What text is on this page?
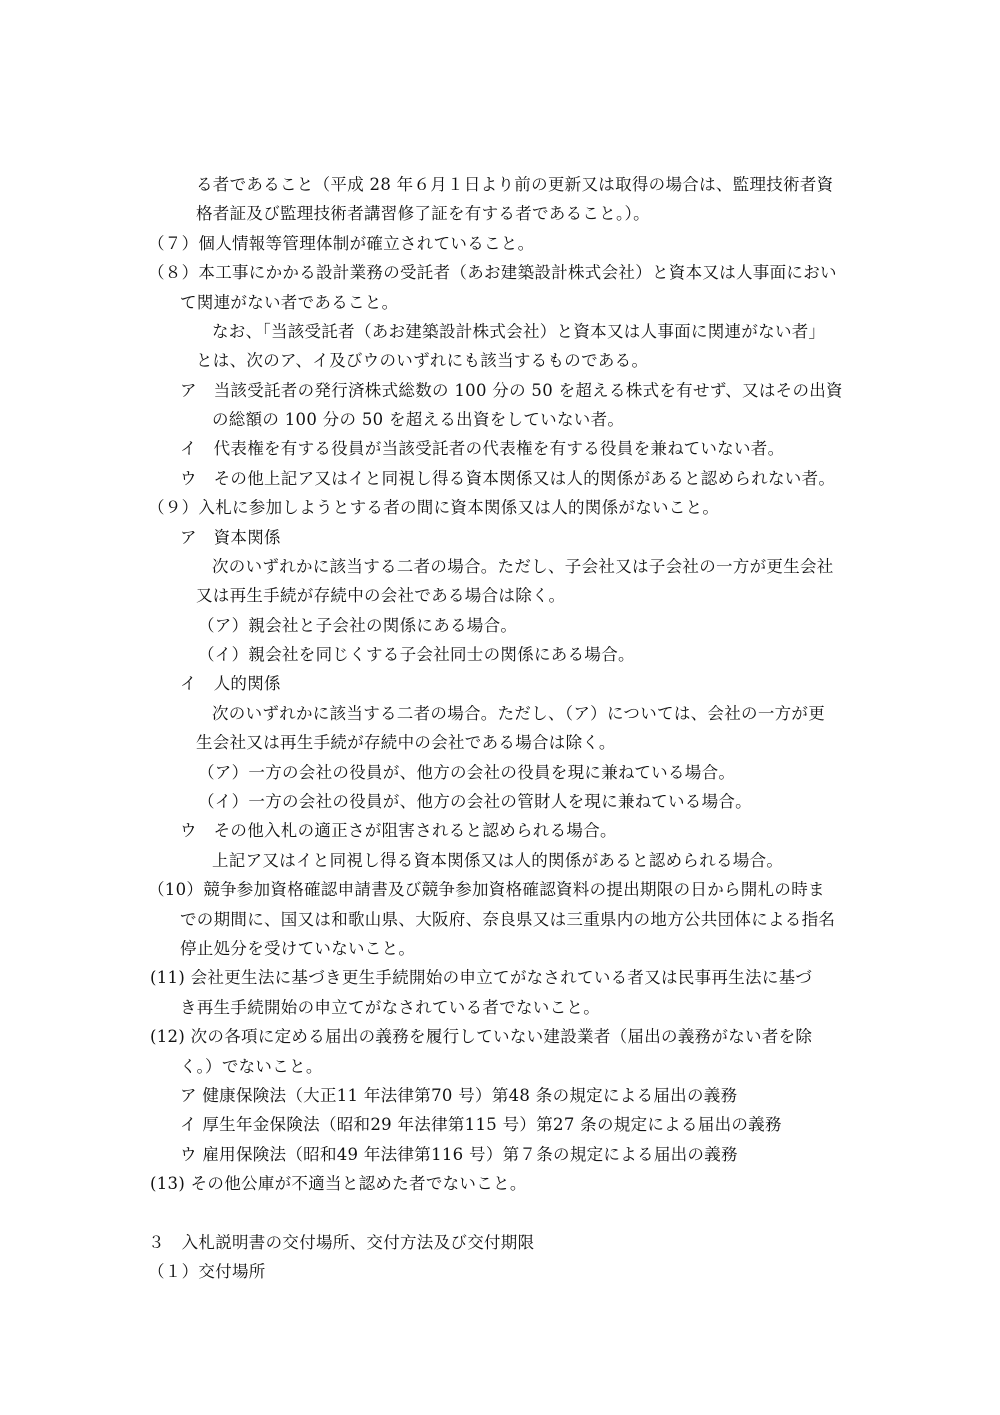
る者であること（平成 28 年６月１日より前の更新又は取得の場合は、監理技術者資
格者証及び監理技術者講習修了証を有する者であること。）。
（７）個人情報等管理体制が確立されていること。
（８）本工事にかかる設計業務の受託者（あお建築設計株式会社）と資本又は人事面におい
て関連がない者であること。
なお、「当該受託者（あお建築設計株式会社）と資本又は人事面に関連がない者」
とは、次のア、イ及びウのいずれにも該当するものである。
ア　当該受託者の発行済株式総数の 100 分の 50 を超える株式を有せず、又はその出資
の総額の 100 分の 50 を超える出資をしていない者。
イ　代表権を有する役員が当該受託者の代表権を有する役員を兼ねていない者。
ウ　その他上記ア又はイと同視し得る資本関係又は人的関係があると認められない者。
（９）入札に参加しようとする者の間に資本関係又は人的関係がないこと。
ア　資本関係
次のいずれかに該当する二者の場合。ただし、子会社又は子会社の一方が更生会社
又は再生手続が存続中の会社である場合は除く。
（ア）親会社と子会社の関係にある場合。
（イ）親会社を同じくする子会社同士の関係にある場合。
イ　人的関係
次のいずれかに該当する二者の場合。ただし、（ア）については、会社の一方が更
生会社又は再生手続が存続中の会社である場合は除く。
（ア）一方の会社の役員が、他方の会社の役員を現に兼ねている場合。
（イ）一方の会社の役員が、他方の会社の管財人を現に兼ねている場合。
ウ　その他入札の適正さが阻害されると認められる場合。
上記ア又はイと同視し得る資本関係又は人的関係があると認められる場合。
（10）競争参加資格確認申請書及び競争参加資格確認資料の提出期限の日から開札の時ま
での期間に、国又は和歌山県、大阪府、奈良県又は三重県内の地方公共団体による指名
停止処分を受けていないこと。
(11) 会社更生法に基づき更生手続開始の申立てがなされている者又は民事再生法に基づ
き再生手続開始の申立てがなされている者でないこと。
(12) 次の各項に定める届出の義務を履行していない建設業者（届出の義務がない者を除
く。）でないこと。
ア 健康保険法（大正11 年法律第70 号）第48 条の規定による届出の義務
イ 厚生年金保険法（昭和29 年法律第115 号）第27 条の規定による届出の義務
ウ 雇用保険法（昭和49 年法律第116 号）第７条の規定による届出の義務
(13) その他公庫が不適当と認めた者でないこと。
３　入札説明書の交付場所、交付方法及び交付期限
（１）交付場所
